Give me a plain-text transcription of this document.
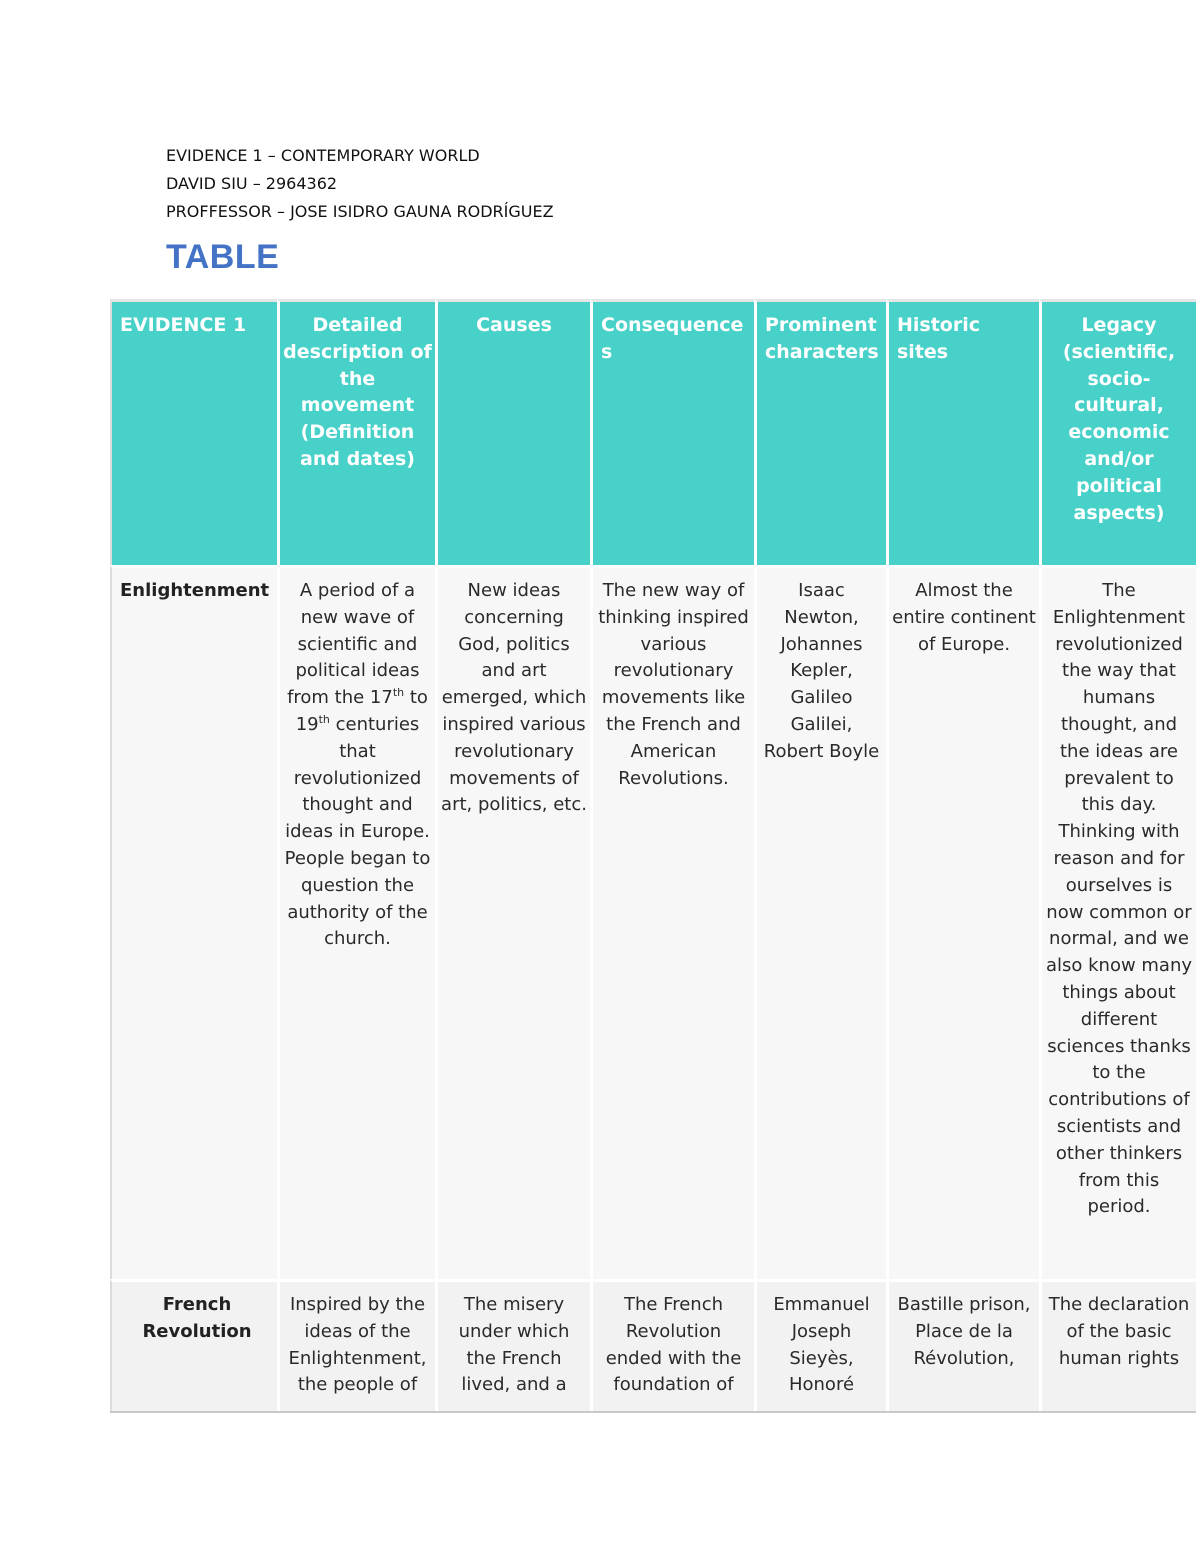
EVIDENCE 1 – CONTEMPORARY WORLD
DAVID SIU – 2964362
PROFFESSOR – JOSE ISIDRO GAUNA RODRÍGUEZ
TABLE
EVIDENCE 1	Detailed description of the movement (Definition and dates)	Causes	Consequences	Prominent characters	Historic sites	Legacy (scientific, socio-cultural, economic and/or political aspects)
Enlightenment	A period of a new wave of scientific and political ideas from the 17th to 19th centuries that revolutionized thought and ideas in Europe. People began to question the authority of the church.	New ideas concerning God, politics and art emerged, which inspired various revolutionary movements of art, politics, etc.	The new way of thinking inspired various revolutionary movements like the French and American Revolutions.	Isaac Newton, Johannes Kepler, Galileo Galilei, Robert Boyle	Almost the entire continent of Europe.	The Enlightenment revolutionized the way that humans thought, and the ideas are prevalent to this day. Thinking with reason and for ourselves is now common or normal, and we also know many things about different sciences thanks to the contributions of scientists and other thinkers from this period.
French Revolution	Inspired by the ideas of the Enlightenment, the people of	The misery under which the French lived, and a	The French Revolution ended with the foundation of	Emmanuel Joseph Sieyès, Honoré	Bastille prison, Place de la Révolution,	The declaration of the basic human rights
